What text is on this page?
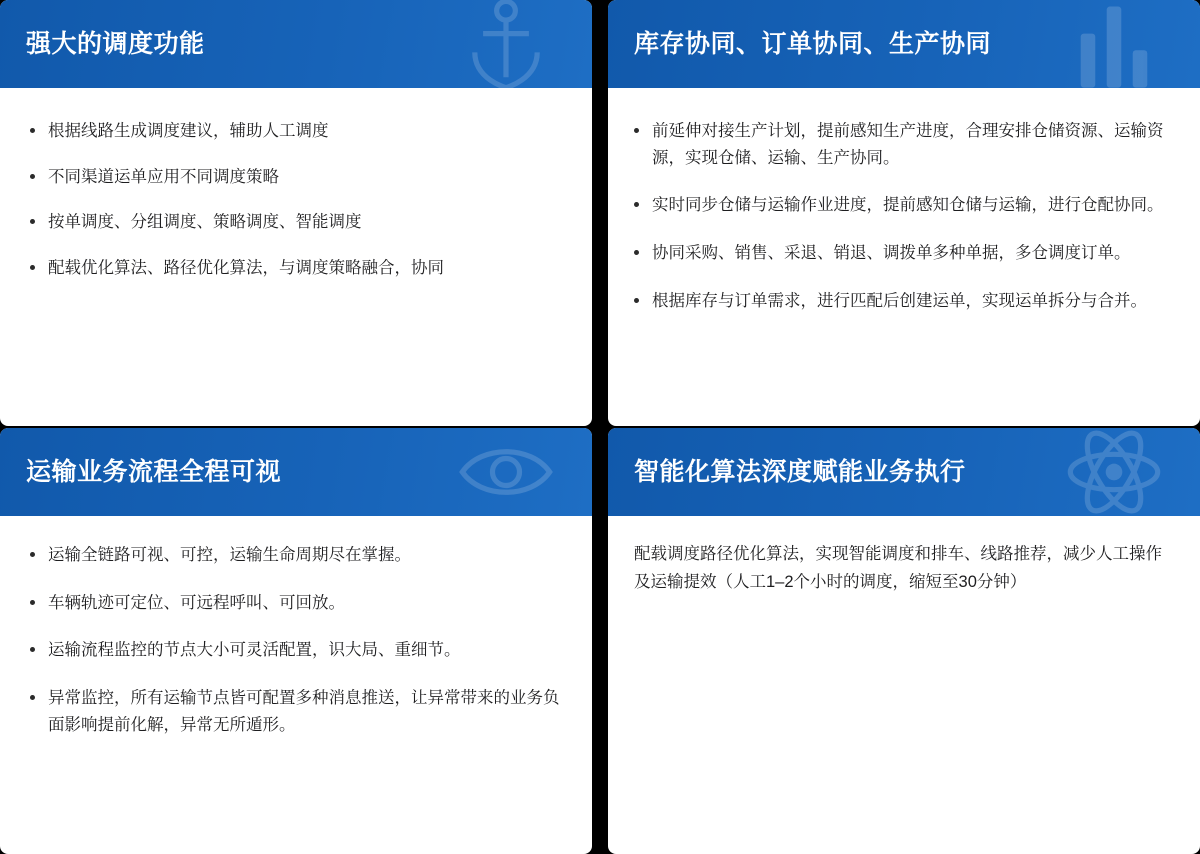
强大的调度功能
根据线路生成调度建议，辅助人工调度
不同渠道运单应用不同调度策略
按单调度、分组调度、策略调度、智能调度
配载优化算法、路径优化算法，与调度策略融合，协同
库存协同、订单协同、生产协同
前延伸对接生产计划，提前感知生产进度，合理安排仓储资源、运输资源，实现仓储、运输、生产协同。
实时同步仓储与运输作业进度，提前感知仓储与运输，进行仓配协同。
协同采购、销售、采退、销退、调拨单多种单据，多仓调度订单。
根据库存与订单需求，进行匹配后创建运单，实现运单拆分与合并。
运输业务流程全程可视
运输全链路可视、可控，运输生命周期尽在掌握。
车辆轨迹可定位、可远程呼叫、可回放。
运输流程监控的节点大小可灵活配置，识大局、重细节。
异常监控，所有运输节点皆可配置多种消息推送，让异常带来的业务负面影响提前化解，异常无所遁形。
智能化算法深度赋能业务执行

配载调度路径优化算法，实现智能调度和排车、线路推荐，减少人工操作及运输提效（人工1–2个小时的调度，缩短至30分钟）
